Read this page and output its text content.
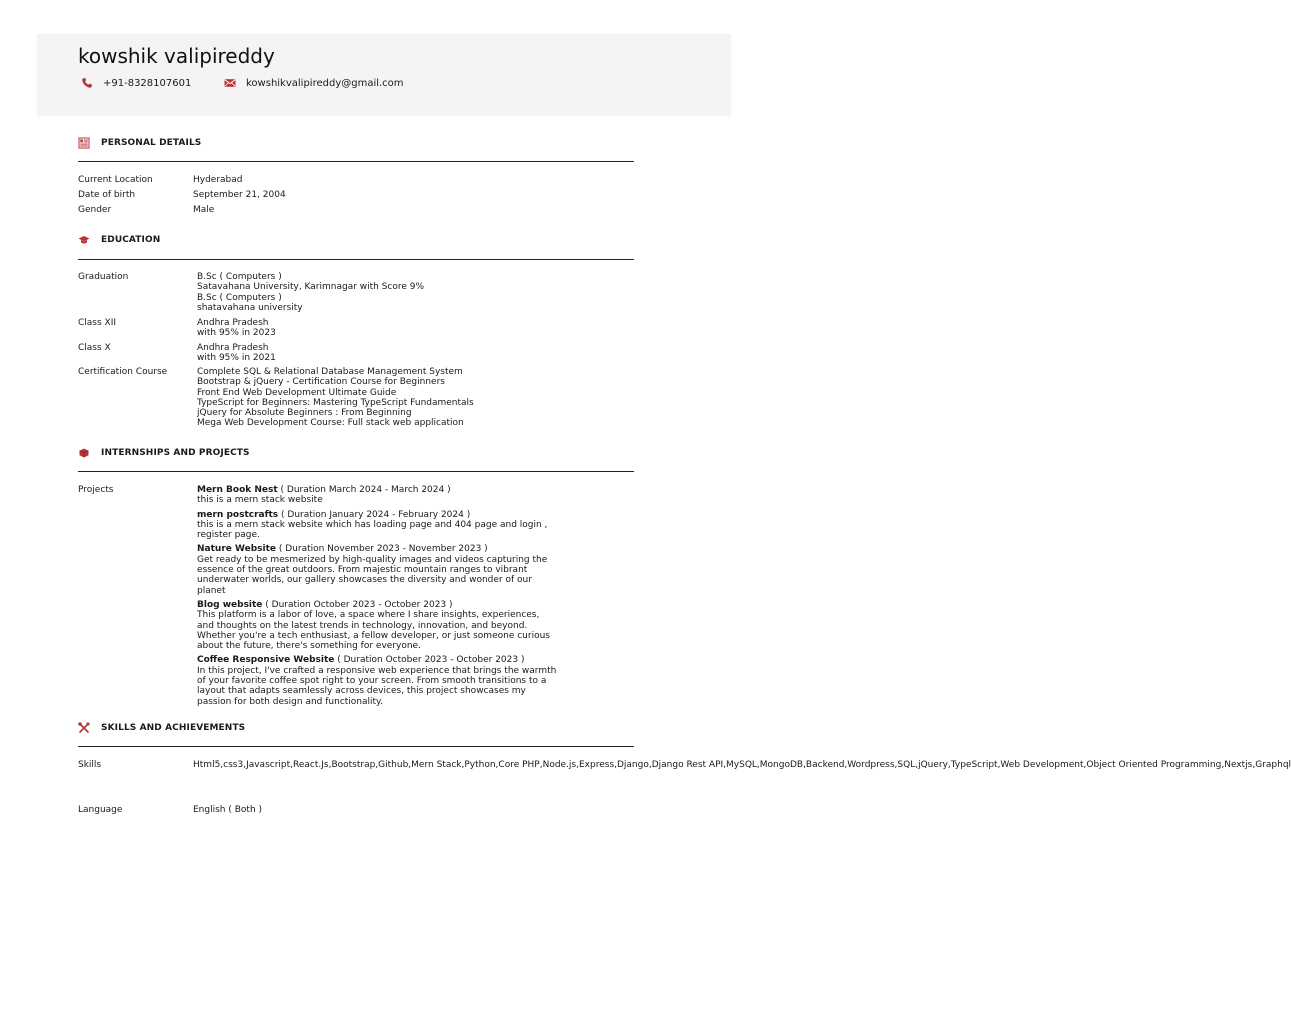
kowshik valipireddy
+91-8328107601	kowshikvalipireddy@gmail.com
PERSONAL DETAILS
Current Location	Hyderabad
Date of birth	September 21, 2004
Gender	Male
EDUCATION
Graduation	B.Sc ( Computers )
Satavahana University, Karimnagar with Score 9%
B.Sc ( Computers )
shatavahana university
Class XII	Andhra Pradesh
with 95% in 2023
Class X	Andhra Pradesh
with 95% in 2021
Certification Course	Complete SQL & Relational Database Management System
Bootstrap & jQuery - Certification Course for Beginners
Front End Web Development Ultimate Guide
TypeScript for Beginners: Mastering TypeScript Fundamentals
jQuery for Absolute Beginners : From Beginning
Mega Web Development Course: Full stack web application
INTERNSHIPS AND PROJECTS
Projects	Mern Book Nest ( Duration March 2024 - March 2024 )
this is a mern stack website
mern postcrafts ( Duration January 2024 - February 2024 )
this is a mern stack website which has loading page and 404 page and login , register page.
Nature Website ( Duration November 2023 - November 2023 )
Get ready to be mesmerized by high-quality images and videos capturing the essence of the great outdoors. From majestic mountain ranges to vibrant underwater worlds, our gallery showcases the diversity and wonder of our planet
Blog website ( Duration October 2023 - October 2023 )
This platform is a labor of love, a space where I share insights, experiences, and thoughts on the latest trends in technology, innovation, and beyond. Whether you're a tech enthusiast, a fellow developer, or just someone curious about the future, there's something for everyone.
Coffee Responsive Website ( Duration October 2023 - October 2023 )
In this project, I've crafted a responsive web experience that brings the warmth of your favorite coffee spot right to your screen. From smooth transitions to a layout that adapts seamlessly across devices, this project showcases my passion for both design and functionality.
SKILLS AND ACHIEVEMENTS
Skills	Html5,css3,Javascript,React.Js,Bootstrap,Github,Mern Stack,Python,Core PHP,Node.js,Express,Django,Django Rest API,MySQL,MongoDB,Backend,Wordpress,SQL,jQuery,TypeScript,Web Development,Object Oriented Programming,Nextjs,Graphql
Language	English ( Both )
